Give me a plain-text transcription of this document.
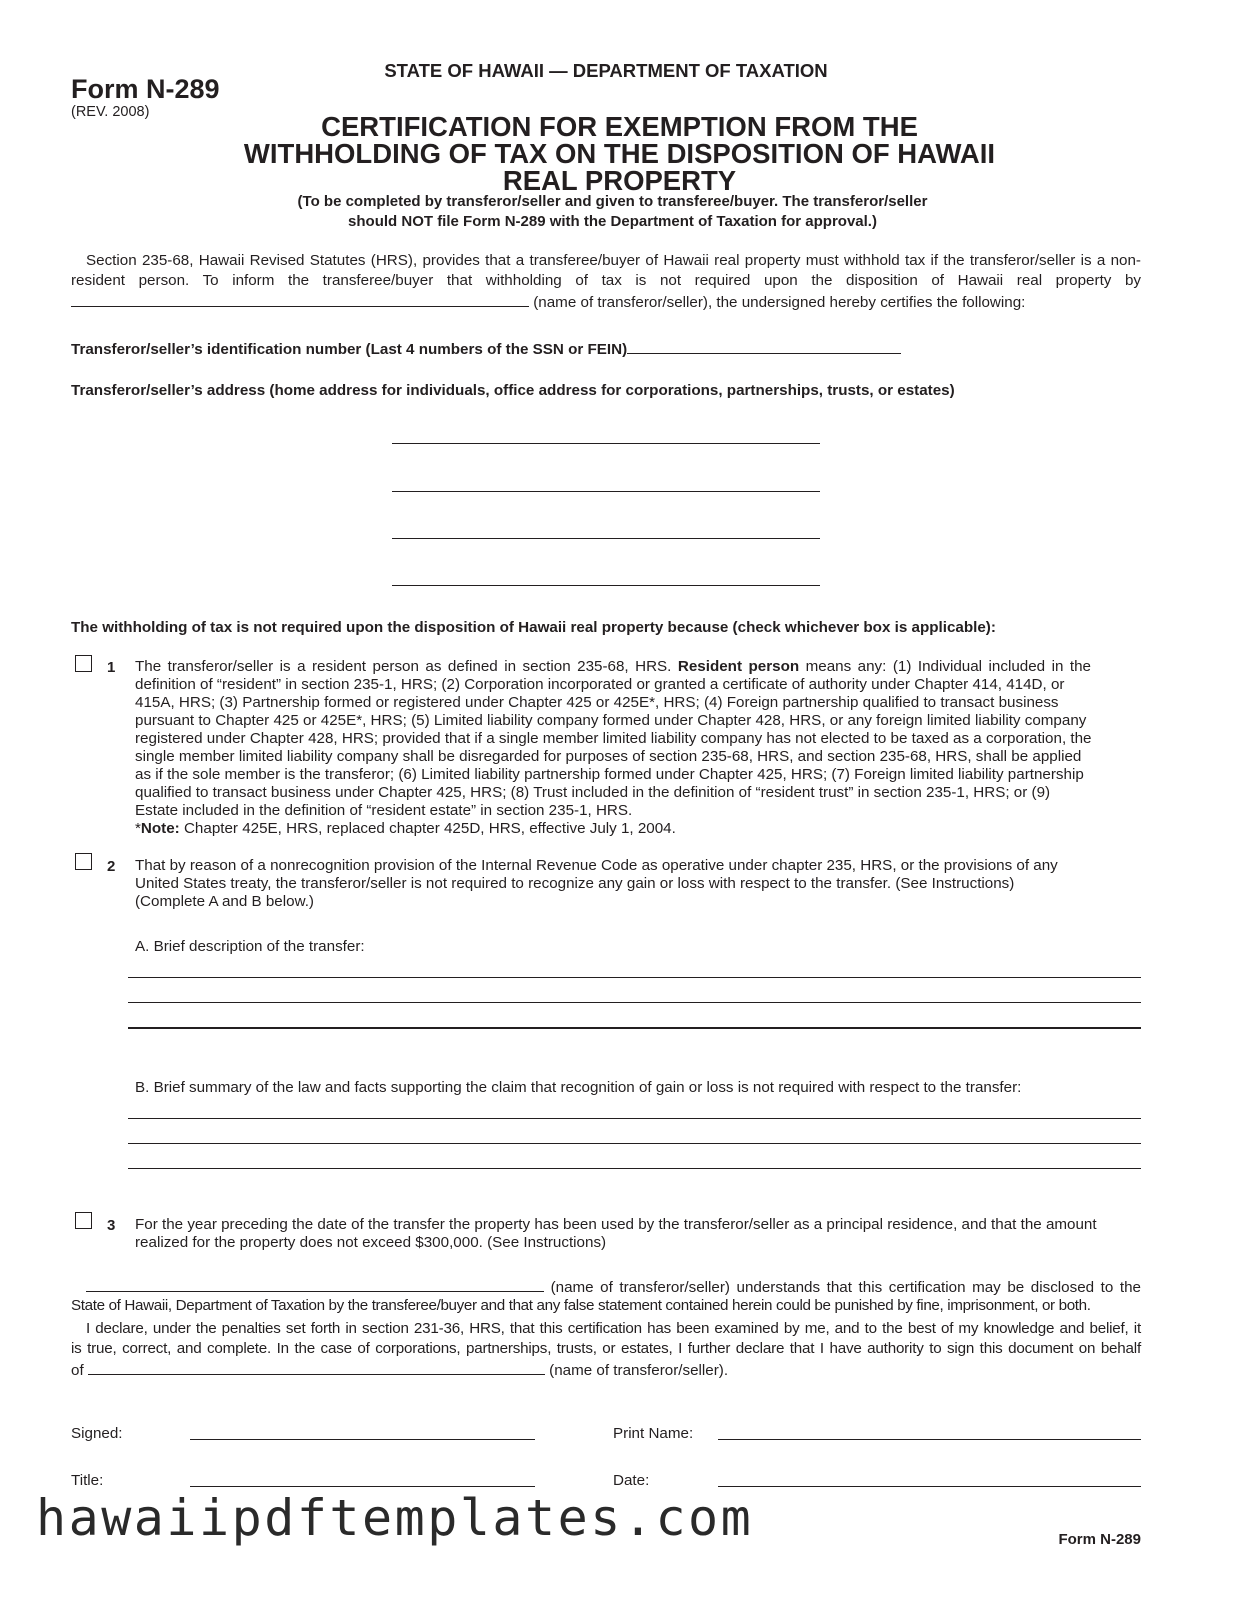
Form N-289
(REV. 2008)
STATE OF HAWAII — DEPARTMENT OF TAXATION
CERTIFICATION FOR EXEMPTION FROM THE
WITHHOLDING OF TAX ON THE DISPOSITION OF HAWAII
REAL PROPERTY
(To be completed by transferor/seller and given to transferee/buyer. The transferor/seller
should NOT file Form N-289 with the Department of Taxation for approval.)
Section 235-68, Hawaii Revised Statutes (HRS), provides that a transferee/buyer of Hawaii real property must withhold tax if the transferor/seller is a non-
resident person. To inform the transferee/buyer that withholding of tax is not required upon the disposition of Hawaii real property by
(name of transferor/seller), the undersigned hereby certifies the following:
Transferor/seller’s identification number (Last 4 numbers of the SSN or FEIN)
Transferor/seller’s address (home address for individuals, office address for corporations, partnerships, trusts, or estates)
The withholding of tax is not required upon the disposition of Hawaii real property because (check whichever box is applicable):
1 The transferor/seller is a resident person as defined in section 235-68, HRS. Resident person means any: (1) Individual included in the
definition of “resident” in section 235-1, HRS; (2) Corporation incorporated or granted a certificate of authority under Chapter 414, 414D, or
415A, HRS; (3) Partnership formed or registered under Chapter 425 or 425E*, HRS; (4) Foreign partnership qualified to transact business
pursuant to Chapter 425 or 425E*, HRS; (5) Limited liability company formed under Chapter 428, HRS, or any foreign limited liability company
registered under Chapter 428, HRS; provided that if a single member limited liability company has not elected to be taxed as a corporation, the
single member limited liability company shall be disregarded for purposes of section 235-68, HRS, and section 235-68, HRS, shall be applied
as if the sole member is the transferor; (6) Limited liability partnership formed under Chapter 425, HRS; (7) Foreign limited liability partnership
qualified to transact business under Chapter 425, HRS; (8) Trust included in the definition of “resident trust” in section 235-1, HRS; or (9)
Estate included in the definition of “resident estate” in section 235-1, HRS.
*Note: Chapter 425E, HRS, replaced chapter 425D, HRS, effective July 1, 2004.
2 That by reason of a nonrecognition provision of the Internal Revenue Code as operative under chapter 235, HRS, or the provisions of any
United States treaty, the transferor/seller is not required to recognize any gain or loss with respect to the transfer. (See Instructions)
(Complete A and B below.)
A. Brief description of the transfer:
B. Brief summary of the law and facts supporting the claim that recognition of gain or loss is not required with respect to the transfer:
3 For the year preceding the date of the transfer the property has been used by the transferor/seller as a principal residence, and that the amount
realized for the property does not exceed $300,000. (See Instructions)
(name of transferor/seller) understands that this certification may be disclosed to the
State of Hawaii, Department of Taxation by the transferee/buyer and that any false statement contained herein could be punished by fine, imprisonment, or both.
I declare, under the penalties set forth in section 231-36, HRS, that this certification has been examined by me, and to the best of my knowledge and belief, it
is true, correct, and complete. In the case of corporations, partnerships, trusts, or estates, I further declare that I have authority to sign this document on behalf
of	(name of transferor/seller).
Signed:	Print Name:
Title:	Date:
hawaiipdftemplates.com	Form N-289
